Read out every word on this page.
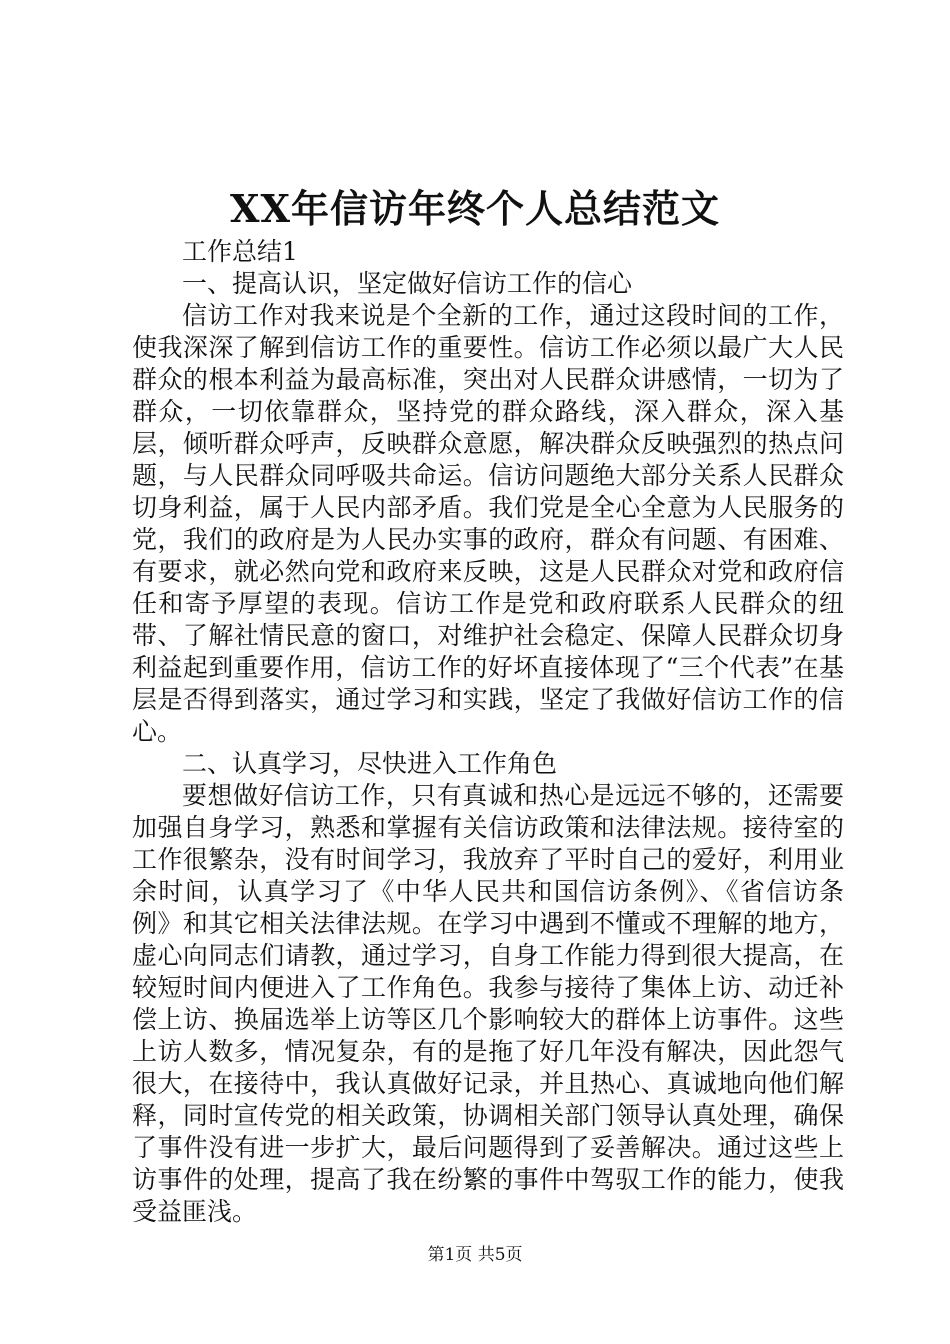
XX年信访年终个人总结范文

工作总结1

一、提高认识，坚定做好信访工作的信心

信访工作对我来说是个全新的工作，通过这段时间的工作，使我深深了解到信访工作的重要性。信访工作必须以最广大人民群众的根本利益为最高标准，突出对人民群众讲感情，一切为了群众，一切依靠群众，坚持党的群众路线，深入群众，深入基层，倾听群众呼声，反映群众意愿，解决群众反映强烈的热点问题，与人民群众同呼吸共命运。信访问题绝大部分关系人民群众切身利益，属于人民内部矛盾。我们党是全心全意为人民服务的党，我们的政府是为人民办实事的政府，群众有问题、有困难、有要求，就必然向党和政府来反映，这是人民群众对党和政府信任和寄予厚望的表现。信访工作是党和政府联系人民群众的纽带、了解社情民意的窗口，对维护社会稳定、保障人民群众切身利益起到重要作用，信访工作的好坏直接体现了“三个代表”在基层是否得到落实，通过学习和实践，坚定了我做好信访工作的信心。

二、认真学习，尽快进入工作角色

要想做好信访工作，只有真诚和热心是远远不够的，还需要加强自身学习，熟悉和掌握有关信访政策和法律法规。接待室的工作很繁杂，没有时间学习，我放弃了平时自己的爱好，利用业余时间，认真学习了《中华人民共和国信访条例》、《省信访条例》和其它相关法律法规。在学习中遇到不懂或不理解的地方，虚心向同志们请教，通过学习，自身工作能力得到很大提高，在较短时间内便进入了工作角色。我参与接待了集体上访、动迁补偿上访、换届选举上访等区几个影响较大的群体上访事件。这些上访人数多，情况复杂，有的是拖了好几年没有解决，因此怨气很大，在接待中，我认真做好记录，并且热心、真诚地向他们解释，同时宣传党的相关政策，协调相关部门领导认真处理，确保了事件没有进一步扩大，最后问题得到了妥善解决。通过这些上访事件的处理，提高了我在纷繁的事件中驾驭工作的能力，使我受益匪浅。

第1页 共5页
